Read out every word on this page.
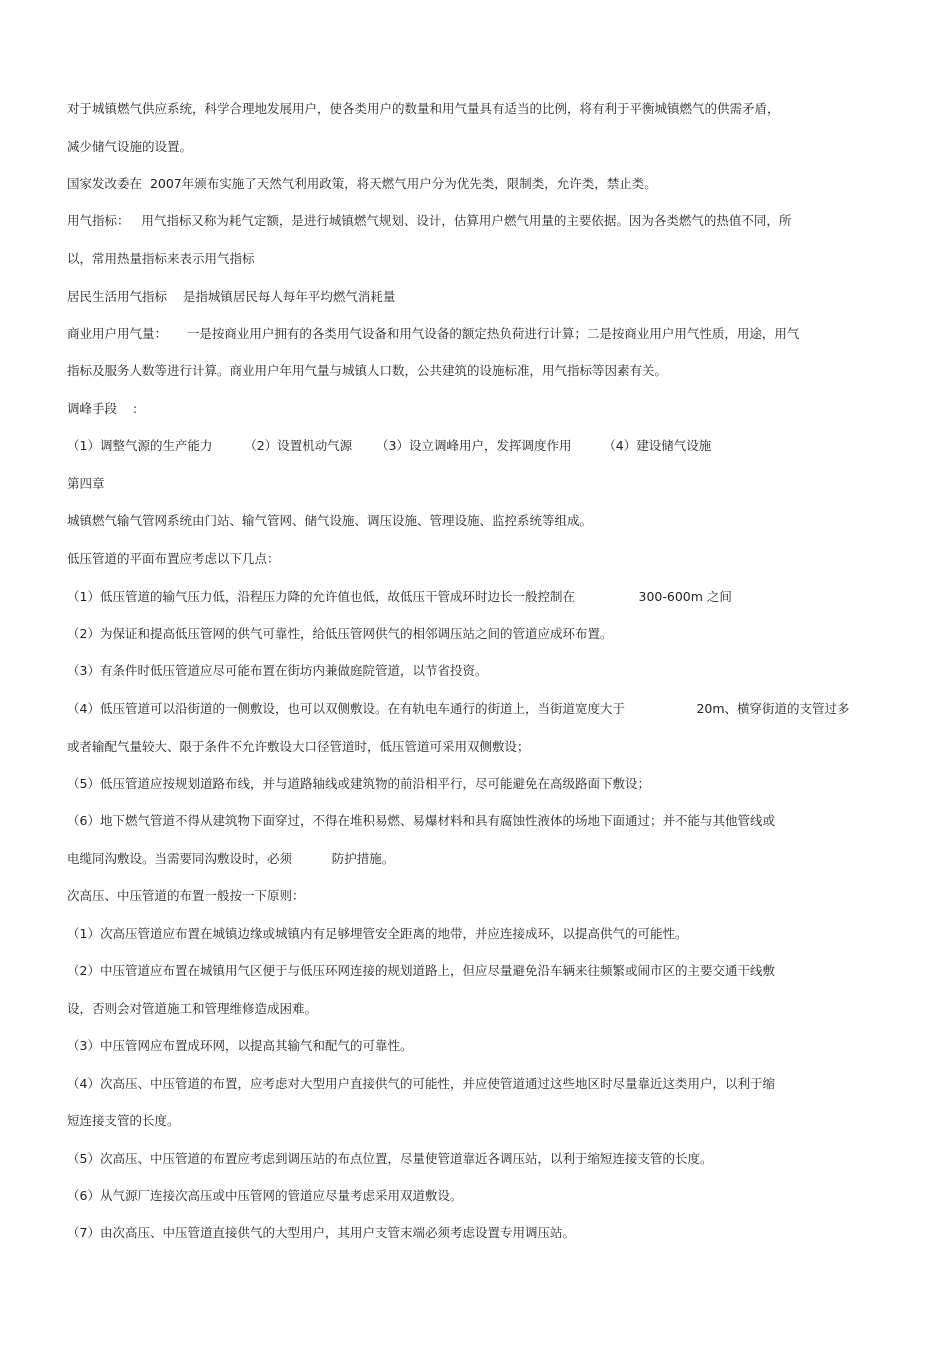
对于城镇燃气供应系统，科学合理地发展用户，使各类用户的数量和用气量具有适当的比例，将有利于平衡城镇燃气的供需矛盾，

减少储气设施的设置。

国家发改委在  2007年颁布实施了天然气利用政策，将天燃气用户分为优先类，限制类，允许类，禁止类。

用气指标：   用气指标又称为耗气定额，是进行城镇燃气规划、设计，估算用户燃气用量的主要依据。因为各类燃气的热值不同，所

以，常用热量指标来表示用气指标

居民生活用气指标    是指城镇居民每人每年平均燃气消耗量

商业用户用气量：     一是按商业用户拥有的各类用气设备和用气设备的额定热负荷进行计算；二是按商业用户用气性质，用途，用气

指标及服务人数等进行计算。商业用户年用气量与城镇人口数，公共建筑的设施标准，用气指标等因素有关。

调峰手段    :

（1）调整气源的生产能力        （2）设置机动气源      （3）设立调峰用户，发挥调度作用        （4）建设储气设施

第四章

城镇燃气输气管网系统由门站、输气管网、储气设施、调压设施、管理设施、监控系统等组成。

低压管道的平面布置应考虑以下几点：

（1）低压管道的输气压力低，沿程压力降的允许值也低，故低压干管成环时边长一般控制在                300-600m 之间

（2）为保证和提高低压管网的供气可靠性，给低压管网供气的相邻调压站之间的管道应成环布置。

（3）有条件时低压管道应尽可能布置在街坊内兼做庭院管道，以节省投资。

（4）低压管道可以沿街道的一侧敷设，也可以双侧敷设。在有轨电车通行的街道上，当街道宽度大于                  20m、横穿街道的支管过多

或者输配气量较大、限于条件不允许敷设大口径管道时，低压管道可采用双侧敷设；

（5）低压管道应按规划道路布线，并与道路轴线或建筑物的前沿相平行，尽可能避免在高级路面下敷设；

（6）地下燃气管道不得从建筑物下面穿过，不得在堆积易燃、易爆材料和具有腐蚀性液体的场地下面通过；并不能与其他管线或

电缆同沟敷设。当需要同沟敷设时，必须          防护措施。

次高压、中压管道的布置一般按一下原则：

（1）次高压管道应布置在城镇边缘或城镇内有足够埋管安全距离的地带，并应连接成环，以提高供气的可能性。

（2）中压管道应布置在城镇用气区便于与低压环网连接的规划道路上，但应尽量避免沿车辆来往频繁或闹市区的主要交通干线敷

设，否则会对管道施工和管理维修造成困难。

（3）中压管网应布置成环网，以提高其输气和配气的可靠性。

（4）次高压、中压管道的布置，应考虑对大型用户直接供气的可能性，并应使管道通过这些地区时尽量靠近这类用户，以利于缩

短连接支管的长度。

（5）次高压、中压管道的布置应考虑到调压站的布点位置，尽量使管道靠近各调压站，以利于缩短连接支管的长度。

（6）从气源厂连接次高压或中压管网的管道应尽量考虑采用双道敷设。

（7）由次高压、中压管道直接供气的大型用户，其用户支管末端必须考虑设置专用调压站。
